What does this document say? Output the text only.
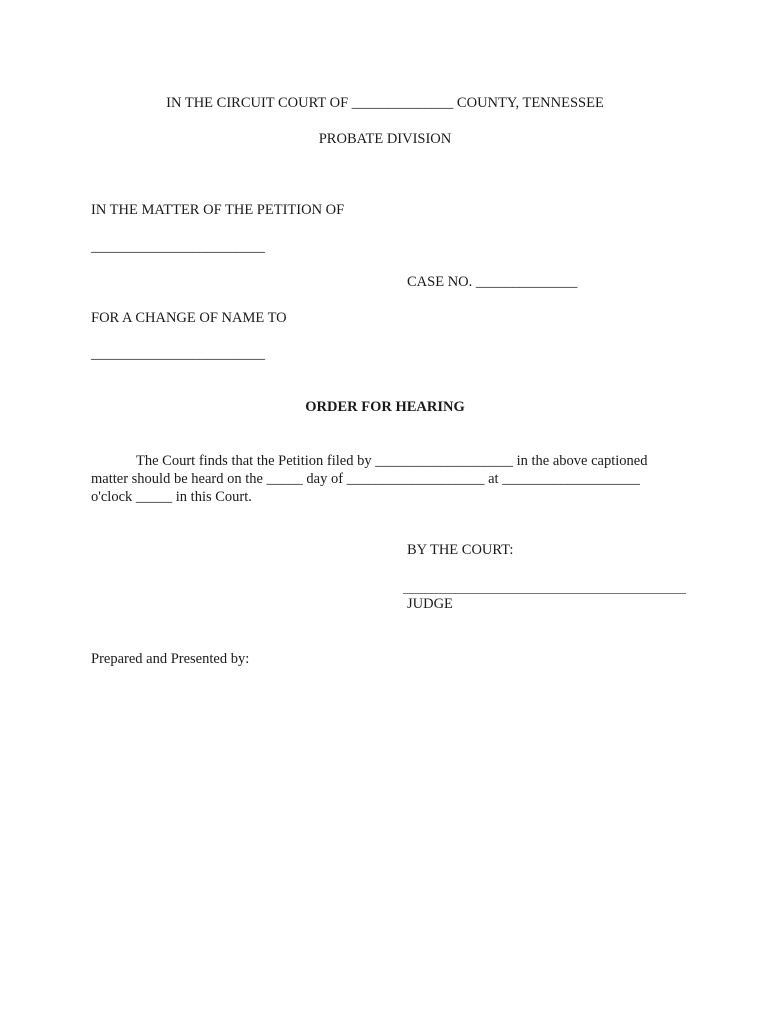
IN THE CIRCUIT COURT OF ______________ COUNTY, TENNESSEE
PROBATE DIVISION
IN THE MATTER OF THE PETITION OF
________________________
CASE NO. ______________
FOR A CHANGE OF NAME TO
________________________
ORDER FOR HEARING
The Court finds that the Petition filed by ___________________ in the above captioned
matter should be heard on the _____ day of ___________________ at ___________________
o'clock _____ in this Court.
BY THE COURT:
JUDGE
Prepared and Presented by:
